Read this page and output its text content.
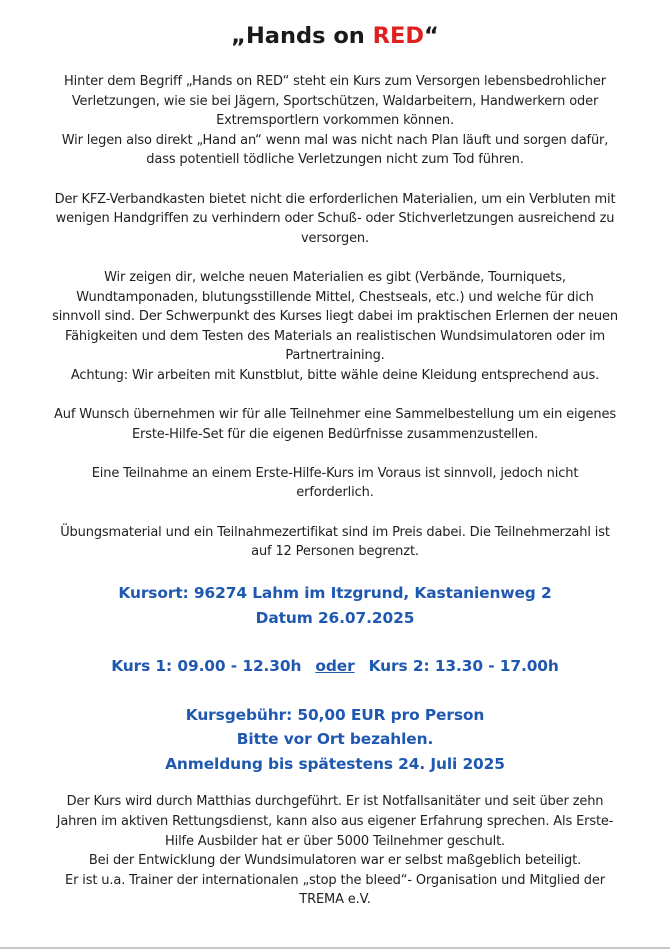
„Hands on RED“
Hinter dem Begriff „Hands on RED“ steht ein Kurs zum Versorgen lebensbedrohlicher
Verletzungen, wie sie bei Jägern, Sportschützen, Waldarbeitern, Handwerkern oder
Extremsportlern vorkommen können.
Wir legen also direkt „Hand an“ wenn mal was nicht nach Plan läuft und sorgen dafür,
dass potentiell tödliche Verletzungen nicht zum Tod führen.
Der KFZ-Verbandkasten bietet nicht die erforderlichen Materialien, um ein Verbluten mit
wenigen Handgriffen zu verhindern oder Schuß- oder Stichverletzungen ausreichend zu
versorgen.
Wir zeigen dir, welche neuen Materialien es gibt (Verbände, Tourniquets,
Wundtamponaden, blutungsstillende Mittel, Chestseals, etc.) und welche für dich
sinnvoll sind. Der Schwerpunkt des Kurses liegt dabei im praktischen Erlernen der neuen
Fähigkeiten und dem Testen des Materials an realistischen Wundsimulatoren oder im
Partnertraining.
Achtung: Wir arbeiten mit Kunstblut, bitte wähle deine Kleidung entsprechend aus.
Auf Wunsch übernehmen wir für alle Teilnehmer eine Sammelbestellung um ein eigenes
Erste-Hilfe-Set für die eigenen Bedürfnisse zusammenzustellen.
Eine Teilnahme an einem Erste-Hilfe-Kurs im Voraus ist sinnvoll, jedoch nicht
erforderlich.
Übungsmaterial und ein Teilnahmezertifikat sind im Preis dabei. Die Teilnehmerzahl ist
auf 12 Personen begrenzt.
Kursort: 96274 Lahm im Itzgrund, Kastanienweg 2
Datum 26.07.2025
Kurs 1: 09.00 - 12.30h oder Kurs 2: 13.30 - 17.00h
Kursgebühr: 50,00 EUR pro Person
Bitte vor Ort bezahlen.
Anmeldung bis spätestens 24. Juli 2025
Der Kurs wird durch Matthias durchgeführt. Er ist Notfallsanitäter und seit über zehn
Jahren im aktiven Rettungsdienst, kann also aus eigener Erfahrung sprechen. Als Erste-
Hilfe Ausbilder hat er über 5000 Teilnehmer geschult.
Bei der Entwicklung der Wundsimulatoren war er selbst maßgeblich beteiligt.
Er ist u.a. Trainer der internationalen „stop the bleed“- Organisation und Mitglied der
TREMA e.V.
